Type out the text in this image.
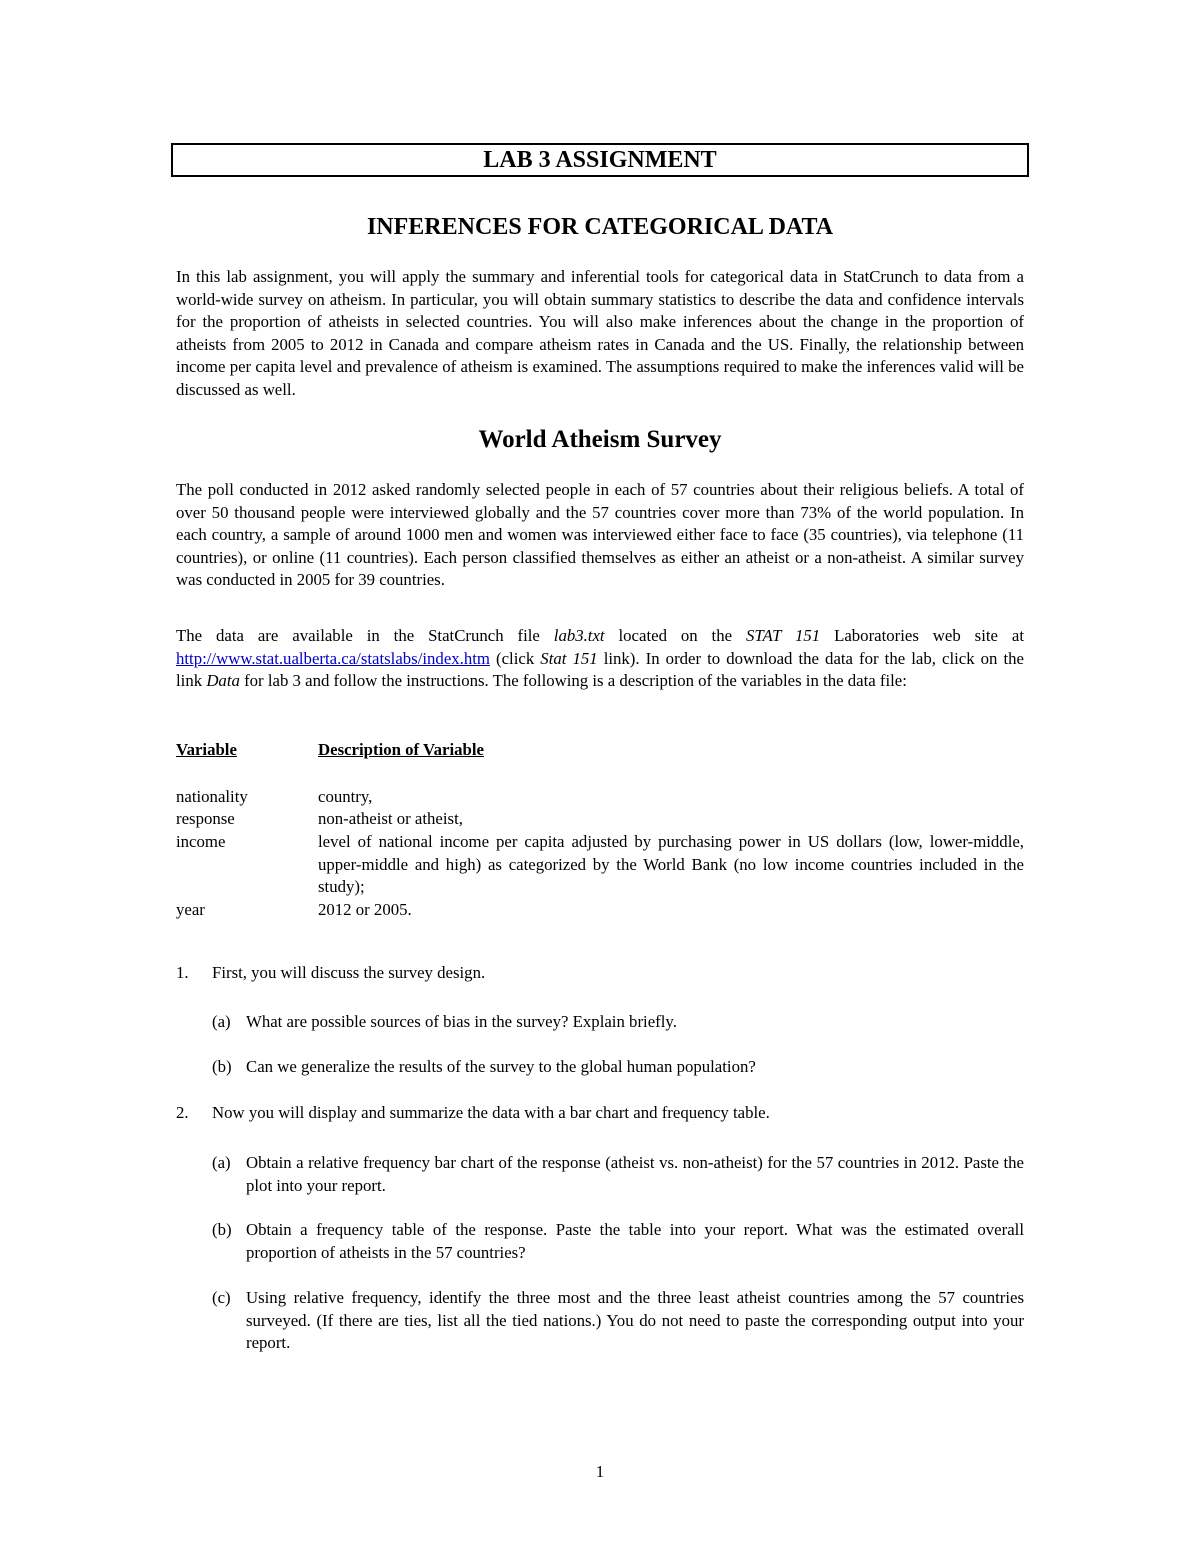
LAB 3 ASSIGNMENT
INFERENCES FOR CATEGORICAL DATA

In this lab assignment, you will apply the summary and inferential tools for categorical data in StatCrunch to data from a world-wide survey on atheism. In particular, you will obtain summary statistics to describe the data and confidence intervals for the proportion of atheists in selected countries. You will also make inferences about the change in the proportion of atheists from 2005 to 2012 in Canada and compare atheism rates in Canada and the US. Finally, the relationship between income per capita level and prevalence of atheism is examined. The assumptions required to make the inferences valid will be discussed as well.

World Atheism Survey

The poll conducted in 2012 asked randomly selected people in each of 57 countries about their religious beliefs. A total of over 50 thousand people were interviewed globally and the 57 countries cover more than 73% of the world population. In each country, a sample of around 1000 men and women was interviewed either face to face (35 countries), via telephone (11 countries), or online (11 countries). Each person classified themselves as either an atheist or a non-atheist. A similar survey was conducted in 2005 for 39 countries.

The data are available in the StatCrunch file lab3.txt located on the STAT 151 Laboratories web site at http://www.stat.ualberta.ca/statslabs/index.htm (click Stat 151 link). In order to download the data for the lab, click on the link Data for lab 3 and follow the instructions. The following is a description of the variables in the data file:

Variable	Description of Variable
nationality	country,
response	non-atheist or atheist,
income	level of national income per capita adjusted by purchasing power in US dollars (low, lower-middle, upper-middle and high) as categorized by the World Bank (no low income countries included in the study);
year	2012 or 2005.
1. First, you will discuss the survey design.
(a) What are possible sources of bias in the survey? Explain briefly.
(b) Can we generalize the results of the survey to the global human population?
2. Now you will display and summarize the data with a bar chart and frequency table.
(a) Obtain a relative frequency bar chart of the response (atheist vs. non-atheist) for the 57 countries in 2012. Paste the plot into your report.
(b) Obtain a frequency table of the response. Paste the table into your report. What was the estimated overall proportion of atheists in the 57 countries?
(c) Using relative frequency, identify the three most and the three least atheist countries among the 57 countries surveyed. (If there are ties, list all the tied nations.) You do not need to paste the corresponding output into your report.
1
